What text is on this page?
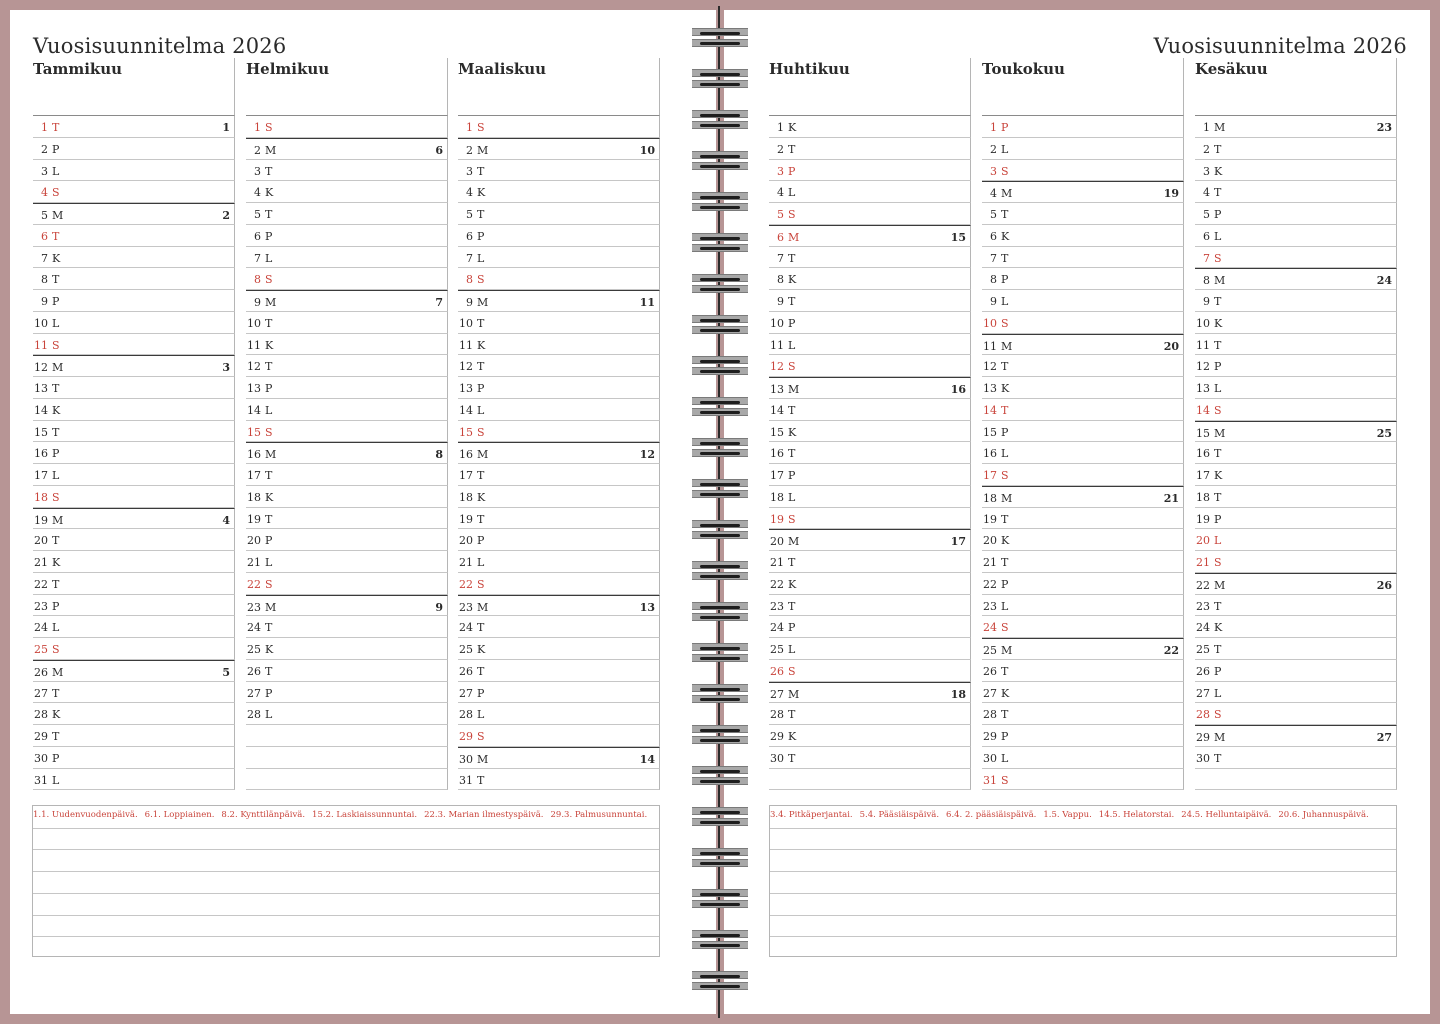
Vuosisuunnitelma 2026
Tammikuu
1 T	1
2 P
3 L
4 S
5 M	2
6 T
7 K
8 T
9 P
10 L
11 S
12 M	3
13 T
14 K
15 T
16 P
17 L
18 S
19 M	4
20 T
21 K
22 T
23 P
24 L
25 S
26 M	5
27 T
28 K
29 T
30 P
31 L
Helmikuu
1 S
2 M	6
3 T
4 K
5 T
6 P
7 L
8 S
9 M	7
10 T
11 K
12 T
13 P
14 L
15 S
16 M	8
17 T
18 K
19 T
20 P
21 L
22 S
23 M	9
24 T
25 K
26 T
27 P
28 L
Maaliskuu
1 S
2 M	10
3 T
4 K
5 T
6 P
7 L
8 S
9 M	11
10 T
11 K
12 T
13 P
14 L
15 S
16 M	12
17 T
18 K
19 T
20 P
21 L
22 S
23 M	13
24 T
25 K
26 T
27 P
28 L
29 S
30 M	14
31 T
1.1. Uudenvuodenpäivä. 6.1. Loppiainen. 8.2. Kynttilänpäivä. 15.2. Laskiaissunnuntai. 22.3. Marian ilmestyspäivä. 29.3. Palmusunnuntai.
Vuosisuunnitelma 2026
Huhtikuu
1 K
2 T
3 P
4 L
5 S
6 M	15
7 T
8 K
9 T
10 P
11 L
12 S
13 M	16
14 T
15 K
16 T
17 P
18 L
19 S
20 M	17
21 T
22 K
23 T
24 P
25 L
26 S
27 M	18
28 T
29 K
30 T
Toukokuu
1 P
2 L
3 S
4 M	19
5 T
6 K
7 T
8 P
9 L
10 S
11 M	20
12 T
13 K
14 T
15 P
16 L
17 S
18 M	21
19 T
20 K
21 T
22 P
23 L
24 S
25 M	22
26 T
27 K
28 T
29 P
30 L
31 S
Kesäkuu
1 M	23
2 T
3 K
4 T
5 P
6 L
7 S
8 M	24
9 T
10 K
11 T
12 P
13 L
14 S
15 M	25
16 T
17 K
18 T
19 P
20 L
21 S
22 M	26
23 T
24 K
25 T
26 P
27 L
28 S
29 M	27
30 T
3.4. Pitkäperjantai. 5.4. Pääsiäispäivä. 6.4. 2. pääsiäispäivä. 1.5. Vappu. 14.5. Helatorstai. 24.5. Helluntaipäivä. 20.6. Juhannuspäivä.
